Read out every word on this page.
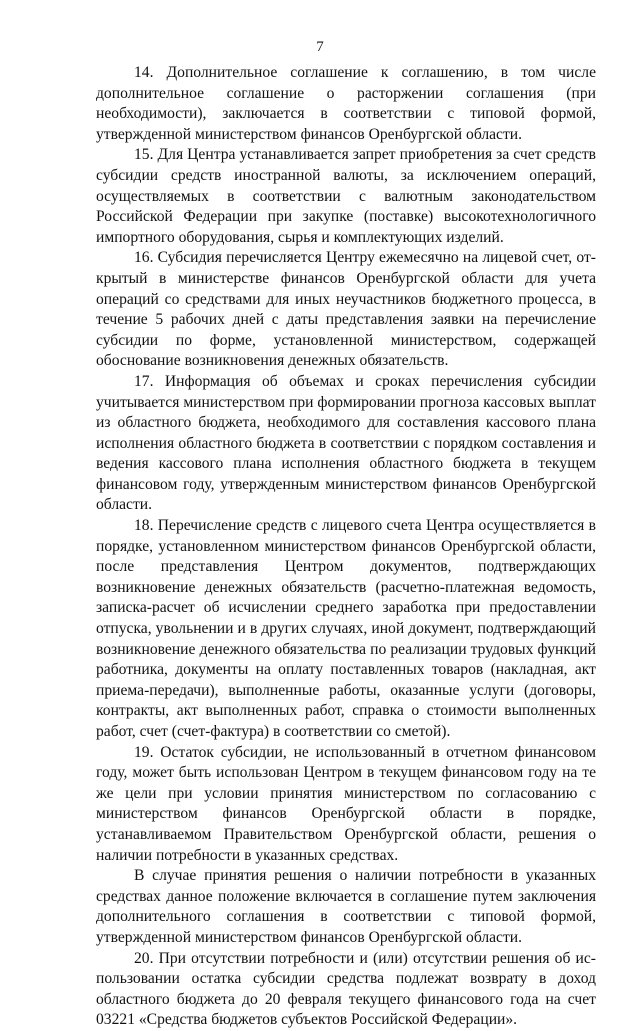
7

14. Дополнительное соглашение к соглашению, в том числе дополнительное соглашение о расторжении соглашения (при необходимости), заключается в соответствии с типовой формой, утвержденной министерством финансов Оренбургской области.

15. Для Центра устанавливается запрет приобретения за счет средств субсидии средств иностранной валюты, за исключением операций, осуществляемых в соответствии с валютным законодательством Российской Федерации при закупке (поставке) высокотехнологичного импортного оборудования, сырья и комплектующих изделий.

16. Субсидия перечисляется Центру ежемесячно на лицевой счет, открытый в министерстве финансов Оренбургской области для учета операций со средствами для иных неучастников бюджетного процесса, в течение 5 рабочих дней с даты представления заявки на перечисление субсидии по форме, установленной министерством, содержащей обоснование возникновения денежных обязательств.

17. Информация об объемах и сроках перечисления субсидии учитывается министерством при формировании прогноза кассовых выплат из областного бюджета, необходимого для составления кассового плана исполнения областного бюджета в соответствии с порядком составления и ведения кассового плана исполнения областного бюджета в текущем финансовом году, утвержденным министерством финансов Оренбургской области.

18. Перечисление средств с лицевого счета Центра осуществляется в порядке, установленном министерством финансов Оренбургской области, после представления Центром документов, подтверждающих возникновение денежных обязательств (расчетно-платежная ведомость, записка-расчет об исчислении среднего заработка при предоставлении отпуска, увольнении и в других случаях, иной документ, подтверждающий возникновение денежного обязательства по реализации трудовых функций работника, документы на оплату поставленных товаров (накладная, акт приема-передачи), выполненные работы, оказанные услуги (договоры, контракты, акт выполненных работ, справка о стоимости выполненных работ, счет (счет-фактура) в соответствии со сметой).

19. Остаток субсидии, не использованный в отчетном финансовом году, может быть использован Центром в текущем финансовом году на те же цели при условии принятия министерством по согласованию с министерством финансов Оренбургской области в порядке, устанавливаемом Правительством Оренбургской области, решения о наличии потребности в указанных средствах.

В случае принятия решения о наличии потребности в указанных средствах данное положение включается в соглашение путем заключения дополнительного соглашения в соответствии с типовой формой, утвержденной министерством финансов Оренбургской области.

20. При отсутствии потребности и (или) отсутствии решения об использовании остатка субсидии средства подлежат возврату в доход областного бюджета до 20 февраля текущего финансового года на счет 03221 «Средства бюджетов субъектов Российской Федерации».
